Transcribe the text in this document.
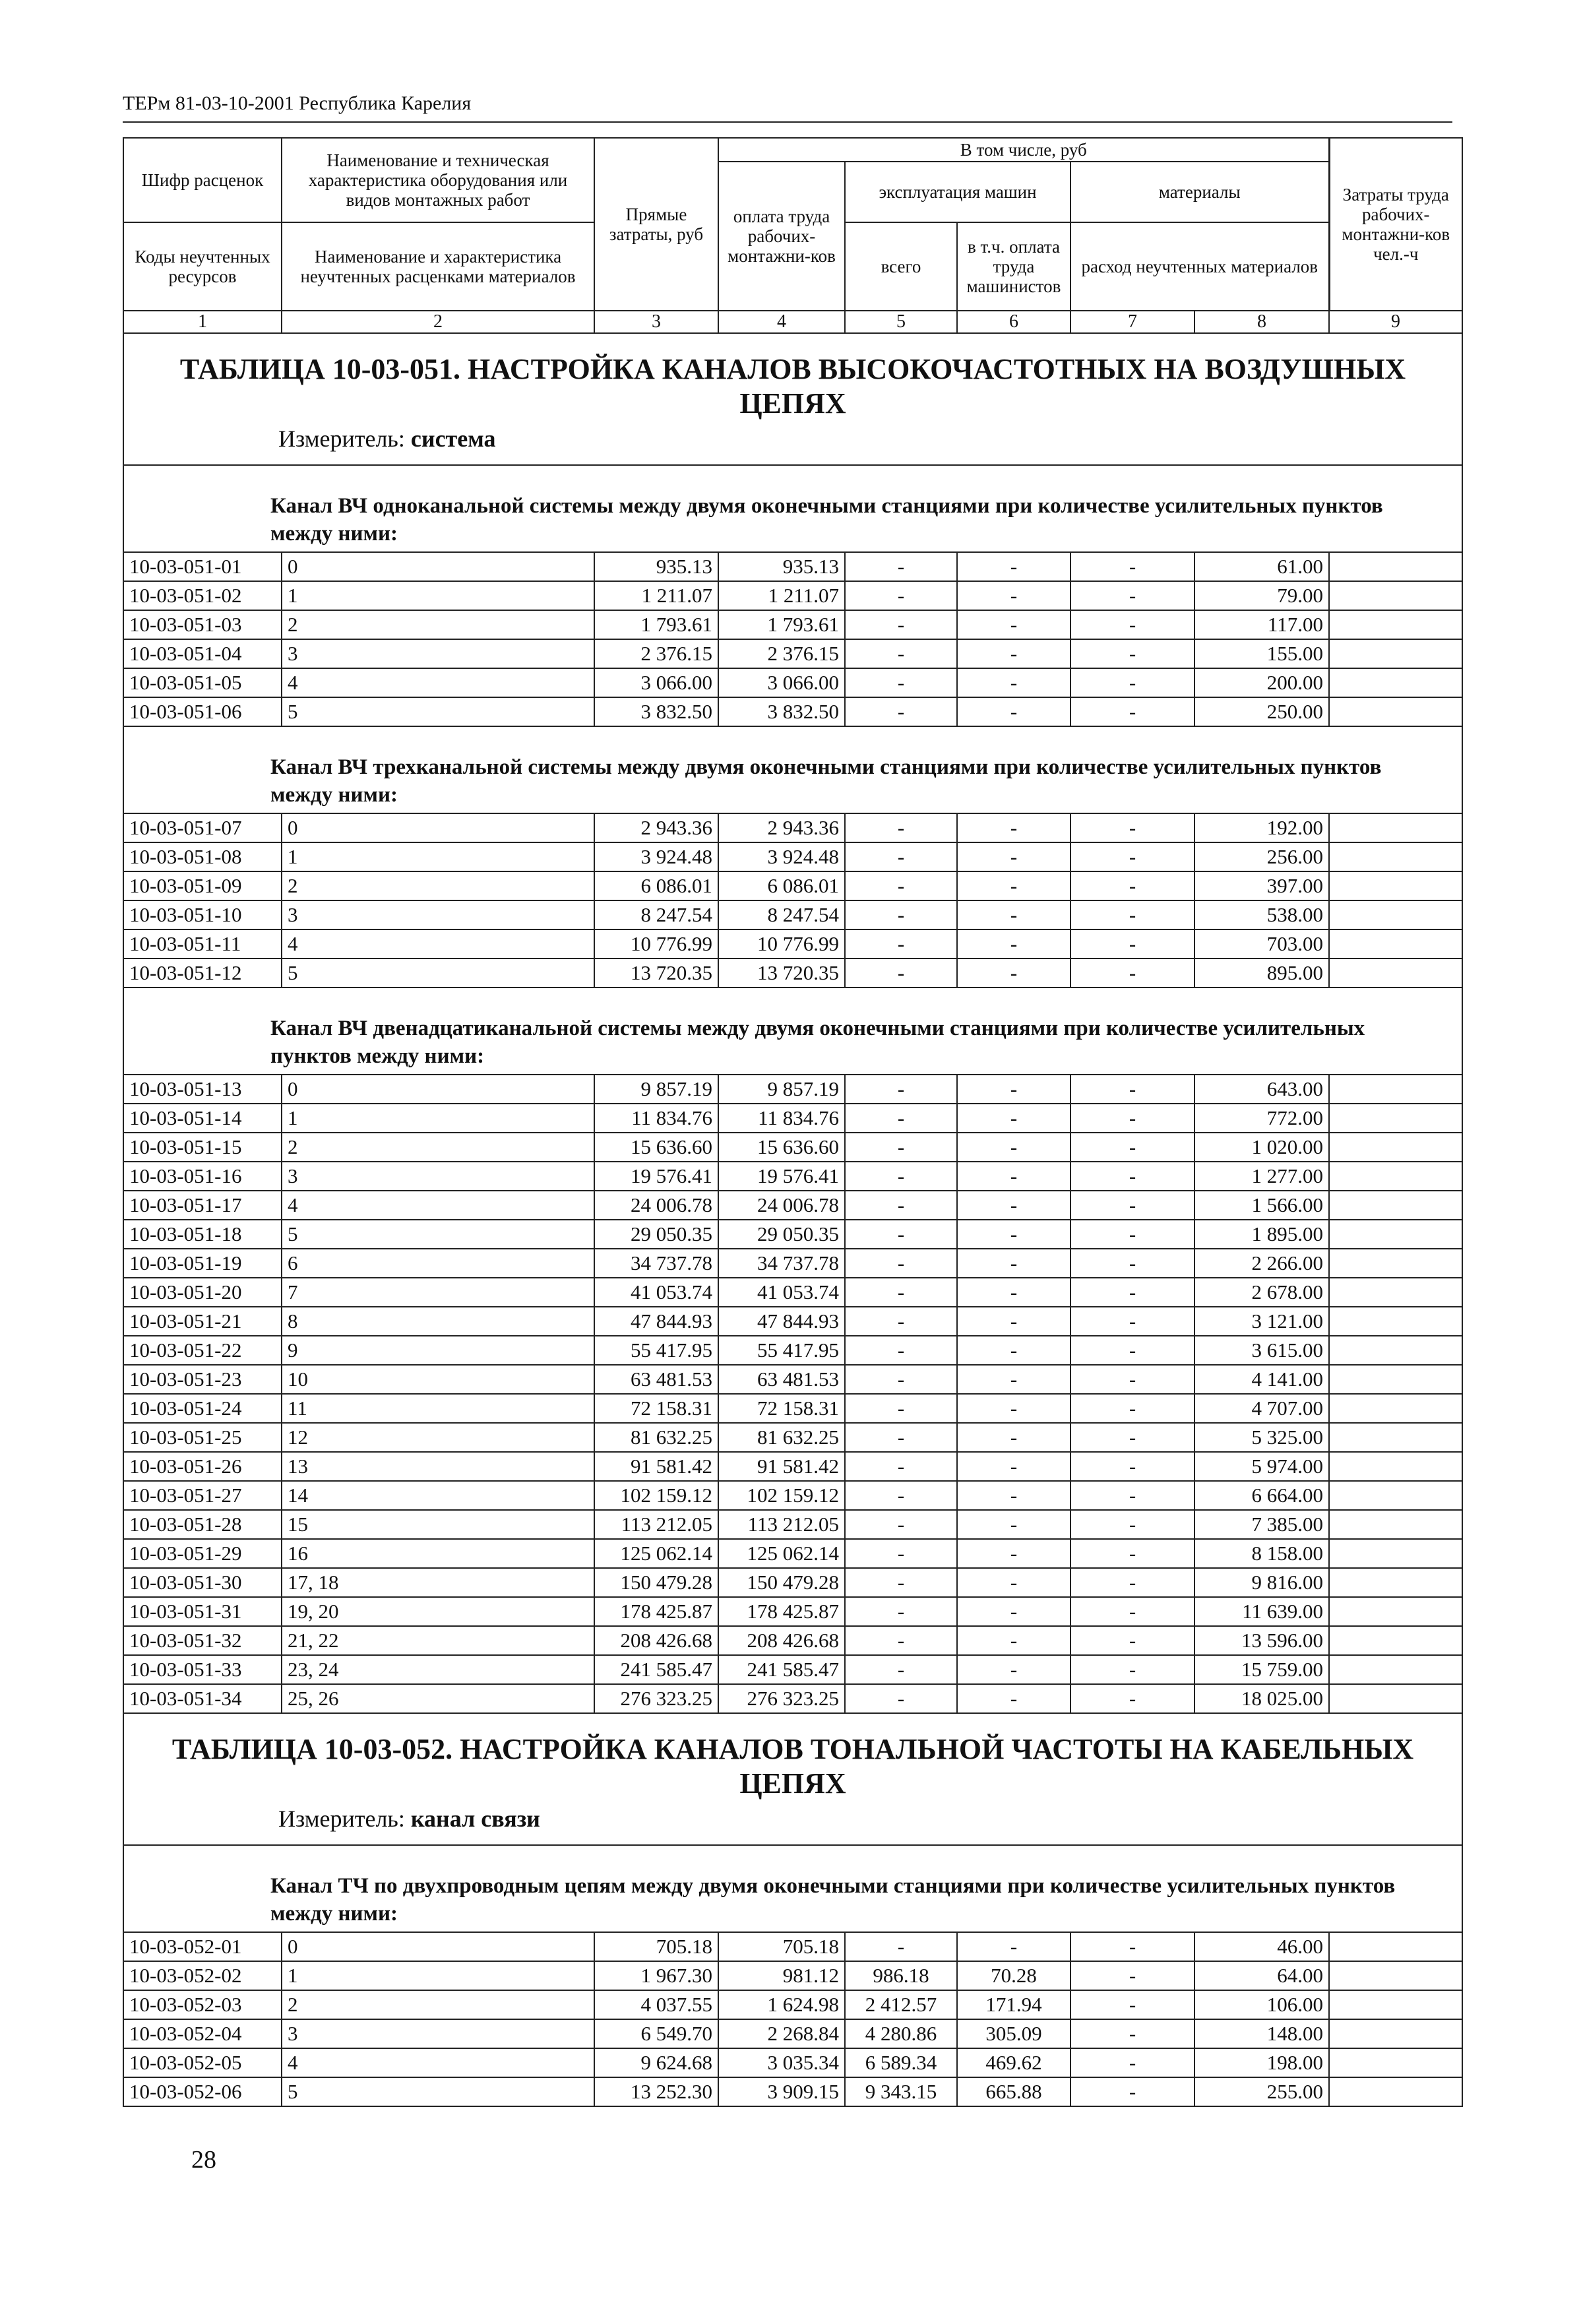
ТЕРм 81-03-10-2001 Республика Карелия
Шифр расценок	Наименование и техническая характеристика оборудования или видов монтажных работ	Прямые затраты, руб	В том числе, руб					Затраты труда рабочих-монтажни-ков чел.-ч	
			оплата труда рабочих-монтажни-ков	эксплуатация машин		материалы			
Коды неучтенных ресурсов	Наименование и характеристика неучтенных расценками материалов			всего	в т.ч. оплата труда машинистов	расход неучтенных материалов			

1	2	3	4	5	6	7	8	9	

ТАБЛИЦА 10-03-051. НАСТРОЙКА КАНАЛОВ ВЫСОКОЧАСТОТНЫХ НА ВОЗДУШНЫХ ЦЕПЯХ
Измеритель: система									

Канал ВЧ одноканальной системы между двумя оконечными станциями при количестве усилительных пунктов между ними:									
10-03-051-01	0	935.13	935.13	-	-	-	61.00		
10-03-051-02	1	1 211.07	1 211.07	-	-	-	79.00		
10-03-051-03	2	1 793.61	1 793.61	-	-	-	117.00		
10-03-051-04	3	2 376.15	2 376.15	-	-	-	155.00		
10-03-051-05	4	3 066.00	3 066.00	-	-	-	200.00		
10-03-051-06	5	3 832.50	3 832.50	-	-	-	250.00		
Канал ВЧ трехканальной системы между двумя оконечными станциями при количестве усилительных пунктов между ними:									
10-03-051-07	0	2 943.36	2 943.36	-	-	-	192.00		
10-03-051-08	1	3 924.48	3 924.48	-	-	-	256.00		
10-03-051-09	2	6 086.01	6 086.01	-	-	-	397.00		
10-03-051-10	3	8 247.54	8 247.54	-	-	-	538.00		
10-03-051-11	4	10 776.99	10 776.99	-	-	-	703.00		
10-03-051-12	5	13 720.35	13 720.35	-	-	-	895.00		
Канал ВЧ двенадцатиканальной системы между двумя оконечными станциями при количестве усилительных пунктов между ними:									
10-03-051-13	0	9 857.19	9 857.19	-	-	-	643.00		
10-03-051-14	1	11 834.76	11 834.76	-	-	-	772.00		
10-03-051-15	2	15 636.60	15 636.60	-	-	-	1 020.00		
10-03-051-16	3	19 576.41	19 576.41	-	-	-	1 277.00		
10-03-051-17	4	24 006.78	24 006.78	-	-	-	1 566.00		
10-03-051-18	5	29 050.35	29 050.35	-	-	-	1 895.00		
10-03-051-19	6	34 737.78	34 737.78	-	-	-	2 266.00		
10-03-051-20	7	41 053.74	41 053.74	-	-	-	2 678.00		
10-03-051-21	8	47 844.93	47 844.93	-	-	-	3 121.00		
10-03-051-22	9	55 417.95	55 417.95	-	-	-	3 615.00		
10-03-051-23	10	63 481.53	63 481.53	-	-	-	4 141.00		
10-03-051-24	11	72 158.31	72 158.31	-	-	-	4 707.00		
10-03-051-25	12	81 632.25	81 632.25	-	-	-	5 325.00		
10-03-051-26	13	91 581.42	91 581.42	-	-	-	5 974.00		
10-03-051-27	14	102 159.12	102 159.12	-	-	-	6 664.00		
10-03-051-28	15	113 212.05	113 212.05	-	-	-	7 385.00		
10-03-051-29	16	125 062.14	125 062.14	-	-	-	8 158.00		
10-03-051-30	17, 18	150 479.28	150 479.28	-	-	-	9 816.00		
10-03-051-31	19, 20	178 425.87	178 425.87	-	-	-	11 639.00		
10-03-051-32	21, 22	208 426.68	208 426.68	-	-	-	13 596.00		
10-03-051-33	23, 24	241 585.47	241 585.47	-	-	-	15 759.00		
10-03-051-34	25, 26	276 323.25	276 323.25	-	-	-	18 025.00		

ТАБЛИЦА 10-03-052. НАСТРОЙКА КАНАЛОВ ТОНАЛЬНОЙ ЧАСТОТЫ НА КАБЕЛЬНЫХ ЦЕПЯХ
Измеритель: канал связи									

Канал ТЧ по двухпроводным цепям между двумя оконечными станциями при количестве усилительных пунктов между ними:									
10-03-052-01	0	705.18	705.18	-	-	-	46.00		
10-03-052-02	1	1 967.30	981.12	986.18	70.28	-	64.00		
10-03-052-03	2	4 037.55	1 624.98	2 412.57	171.94	-	106.00		
10-03-052-04	3	6 549.70	2 268.84	4 280.86	305.09	-	148.00		
10-03-052-05	4	9 624.68	3 035.34	6 589.34	469.62	-	198.00		
10-03-052-06	5	13 252.30	3 909.15	9 343.15	665.88	-	255.00		
28
